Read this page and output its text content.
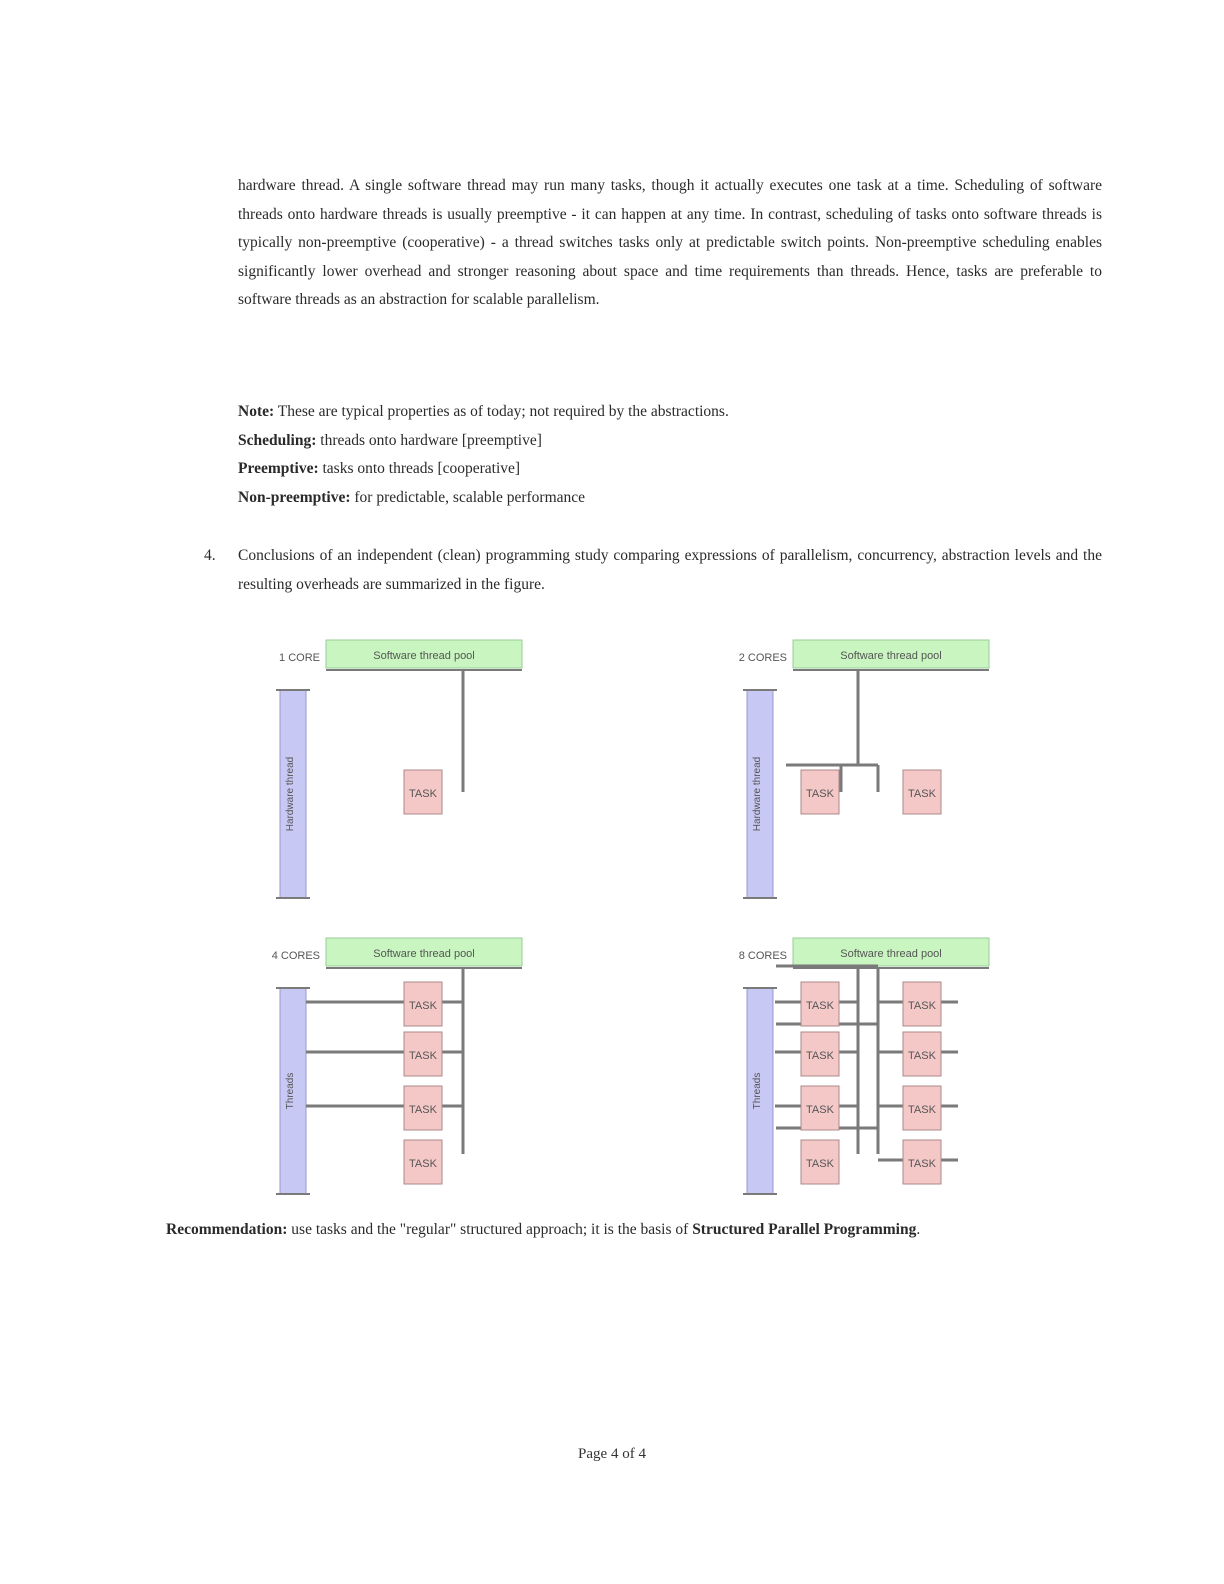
hardware thread. A single software thread may run many tasks, though it actually executes one task at a time. Scheduling of software threads onto hardware threads is usually preemptive - it can happen at any time. In contrast, scheduling of tasks onto software threads is typically non-preemptive (cooperative) - a thread switches tasks only at predictable switch points. Non-preemptive scheduling enables significantly lower overhead and stronger reasoning about space and time requirements than threads. Hence, tasks are preferable to software threads as an abstraction for scalable parallelism.

Note: These are typical properties as of today; not required by the abstractions.
Scheduling: threads onto hardware [preemptive]
Preemptive: tasks onto threads [cooperative]
Non-preemptive: for predictable, scalable performance
4. Conclusions of an independent (clean) programming study comparing expressions of parallelism, concurrency, abstraction levels and the resulting overheads are summarized in the figure.
1 CORE	Software thread pool
Hardware thread	TASK
2 CORES	Software thread pool
Hardware thread	TASK	TASK
4 CORES	Software thread pool
Threads
TASK
TASK
TASK
TASK
8 CORES	Software thread pool
Threads
TASK	TASK
TASK	TASK
TASK	TASK
TASK	TASK
Recommendation: use tasks and the "regular" structured approach; it is the basis of Structured Parallel Programming.
Page 4 of 4
